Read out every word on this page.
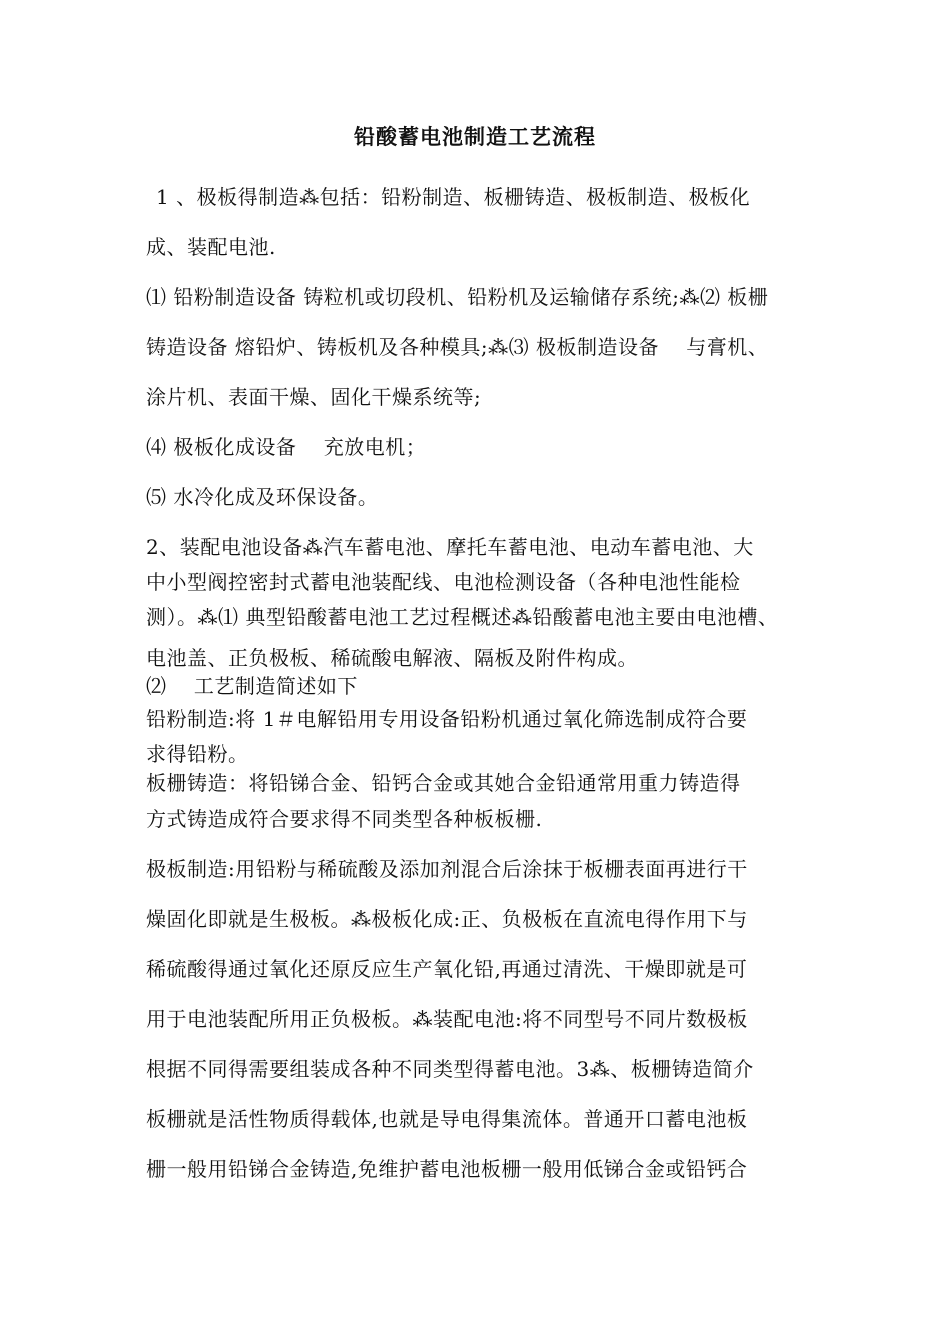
铅酸蓄电池制造工艺流程

1 、极板得制造⁂包括：铅粉制造、板栅铸造、极板制造、极板化

成、装配电池.

⑴ 铅粉制造设备 铸粒机或切段机、铅粉机及运输储存系统;⁂⑵ 板栅

铸造设备 熔铅炉、铸板机及各种模具;⁂⑶ 极板制造设备　 与膏机、

涂片机、表面干燥、固化干燥系统等;

⑷ 极板化成设备　 充放电机；

⑸ 水冷化成及环保设备。

2、装配电池设备⁂汽车蓄电池、摩托车蓄电池、电动车蓄电池、大

中小型阀控密封式蓄电池装配线、电池检测设备（各种电池性能检

测）。⁂⑴ 典型铅酸蓄电池工艺过程概述⁂铅酸蓄电池主要由电池槽、

电池盖、正负极板、稀硫酸电解液、隔板及附件构成。

⑵　 工艺制造简述如下

铅粉制造:将 1＃电解铅用专用设备铅粉机通过氧化筛选制成符合要

求得铅粉。

板栅铸造：将铅锑合金、铅钙合金或其她合金铅通常用重力铸造得

方式铸造成符合要求得不同类型各种板板栅.

极板制造:用铅粉与稀硫酸及添加剂混合后涂抹于板栅表面再进行干

燥固化即就是生极板。⁂极板化成:正、负极板在直流电得作用下与

稀硫酸得通过氧化还原反应生产氧化铅,再通过清洗、干燥即就是可

用于电池装配所用正负极板。⁂装配电池:将不同型号不同片数极板

根据不同得需要组装成各种不同类型得蓄电池。3⁂、板栅铸造简介

板栅就是活性物质得载体,也就是导电得集流体。普通开口蓄电池板

栅一般用铅锑合金铸造,免维护蓄电池板栅一般用低锑合金或铅钙合
